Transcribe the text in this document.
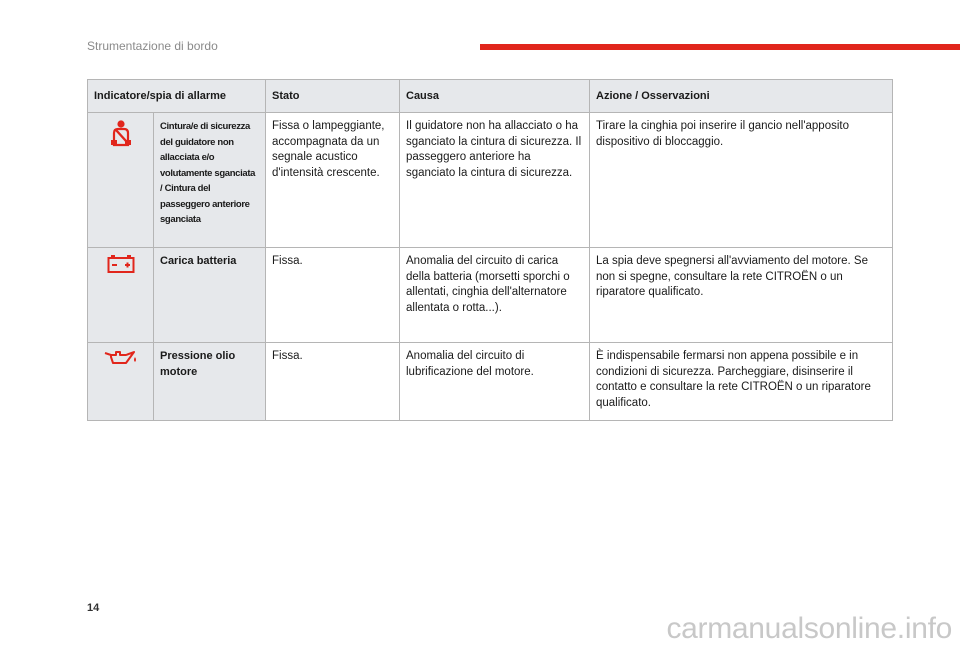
Strumentazione di bordo
Indicatore/spia di allarme		Stato	Causa	Azione / Osservazioni

	Cintura/e di sicurezza del guidatore non allacciata e/o volutamente sganciata / Cintura del passeggero anteriore sganciata	Fissa o lampeggiante, accompagnata da un segnale acustico d'intensità crescente.	Il guidatore non ha allacciato o ha sganciato la cintura di sicurezza. Il passeggero anteriore ha sganciato la cintura di sicurezza.	Tirare la cinghia poi inserire il gancio nell'apposito dispositivo di bloccaggio.

	Carica batteria	Fissa.	Anomalia del circuito di carica della batteria (morsetti sporchi o allentati, cinghia dell'alternatore allentata o rotta...).	La spia deve spegnersi all'avviamento del motore. Se non si spegne, consultare la rete CITROËN o un riparatore qualificato.

	Pressione olio motore	Fissa.	Anomalia del circuito di lubrificazione del motore.	È indispensabile fermarsi non appena possibile e in condizioni di sicurezza. Parcheggiare, disinserire il contatto e consultare la rete CITROËN o un riparatore qualificato.
14
carmanualsonline.info
